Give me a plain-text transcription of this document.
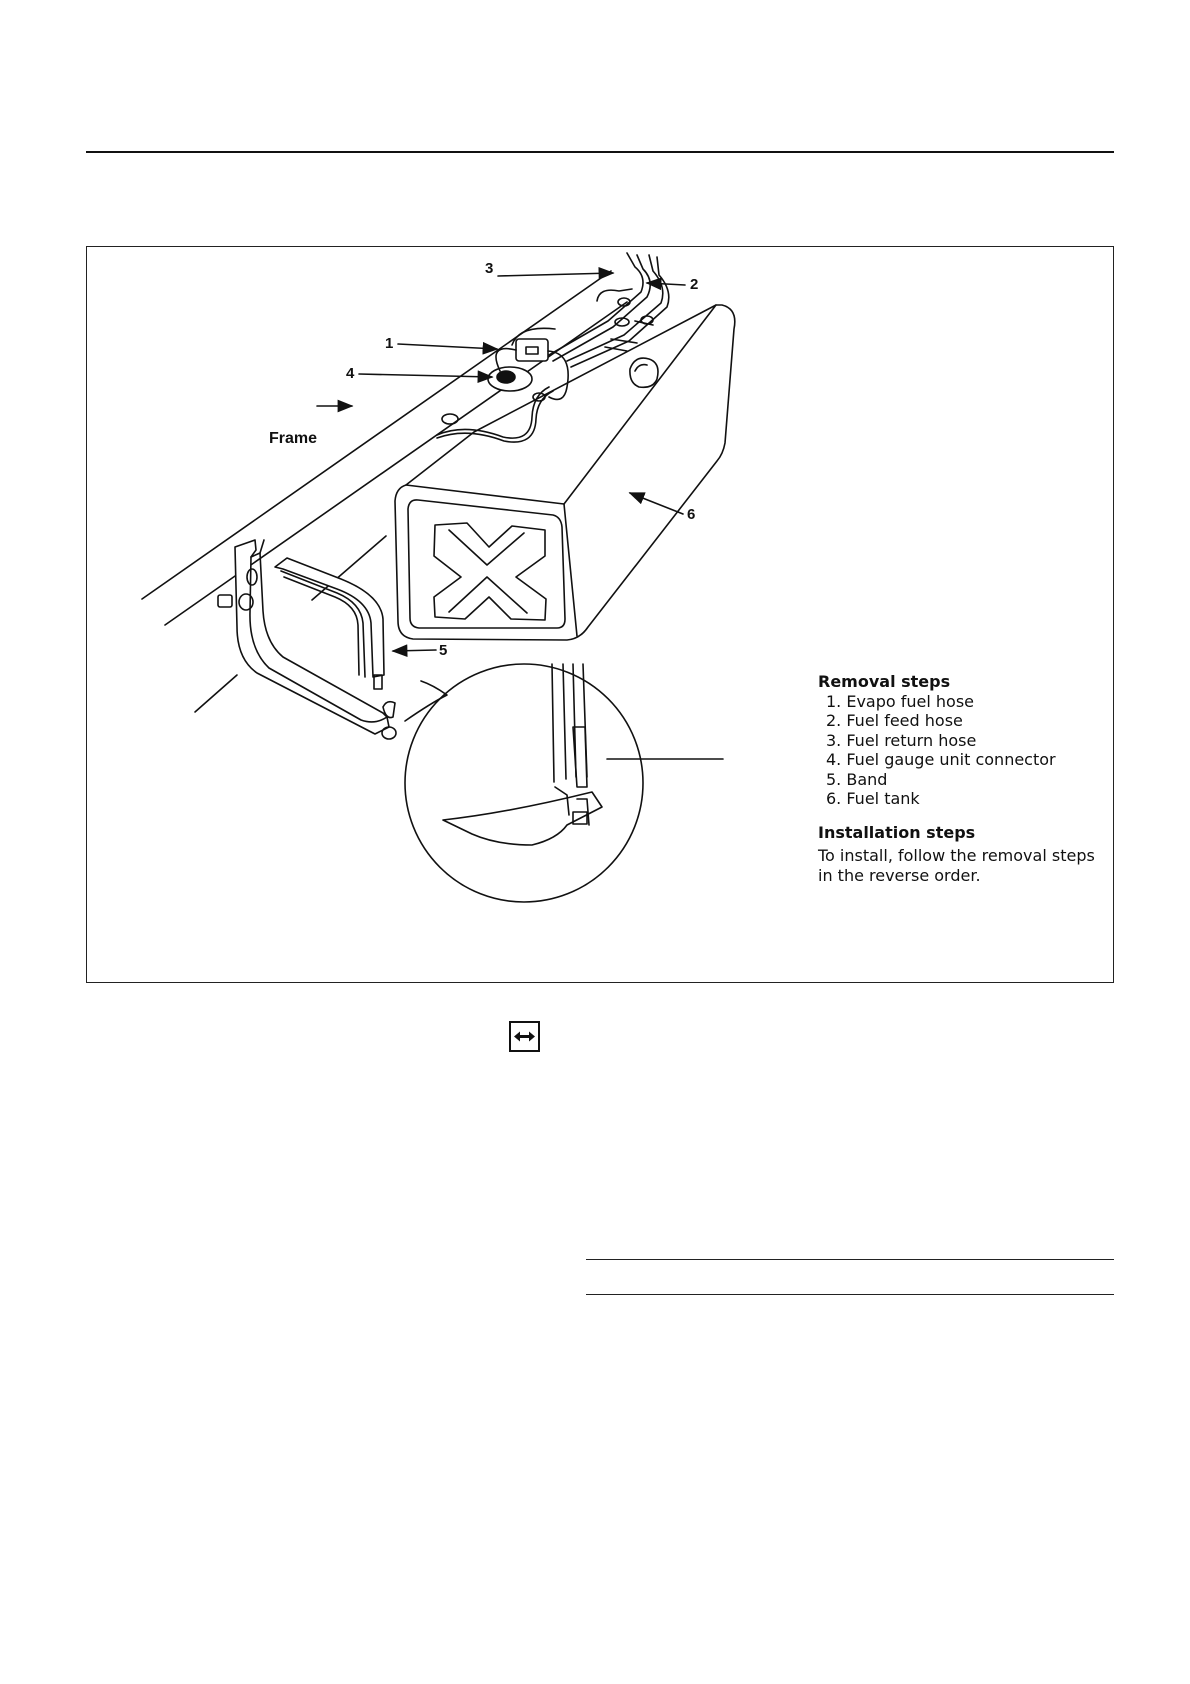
Frame
3
2
1
4
6
5
Removal steps
1. Evapo fuel hose
2. Fuel feed hose
3. Fuel return hose
4. Fuel gauge unit connector
5. Band
6. Fuel tank
Installation steps
To install, follow the removal steps in the reverse order.
